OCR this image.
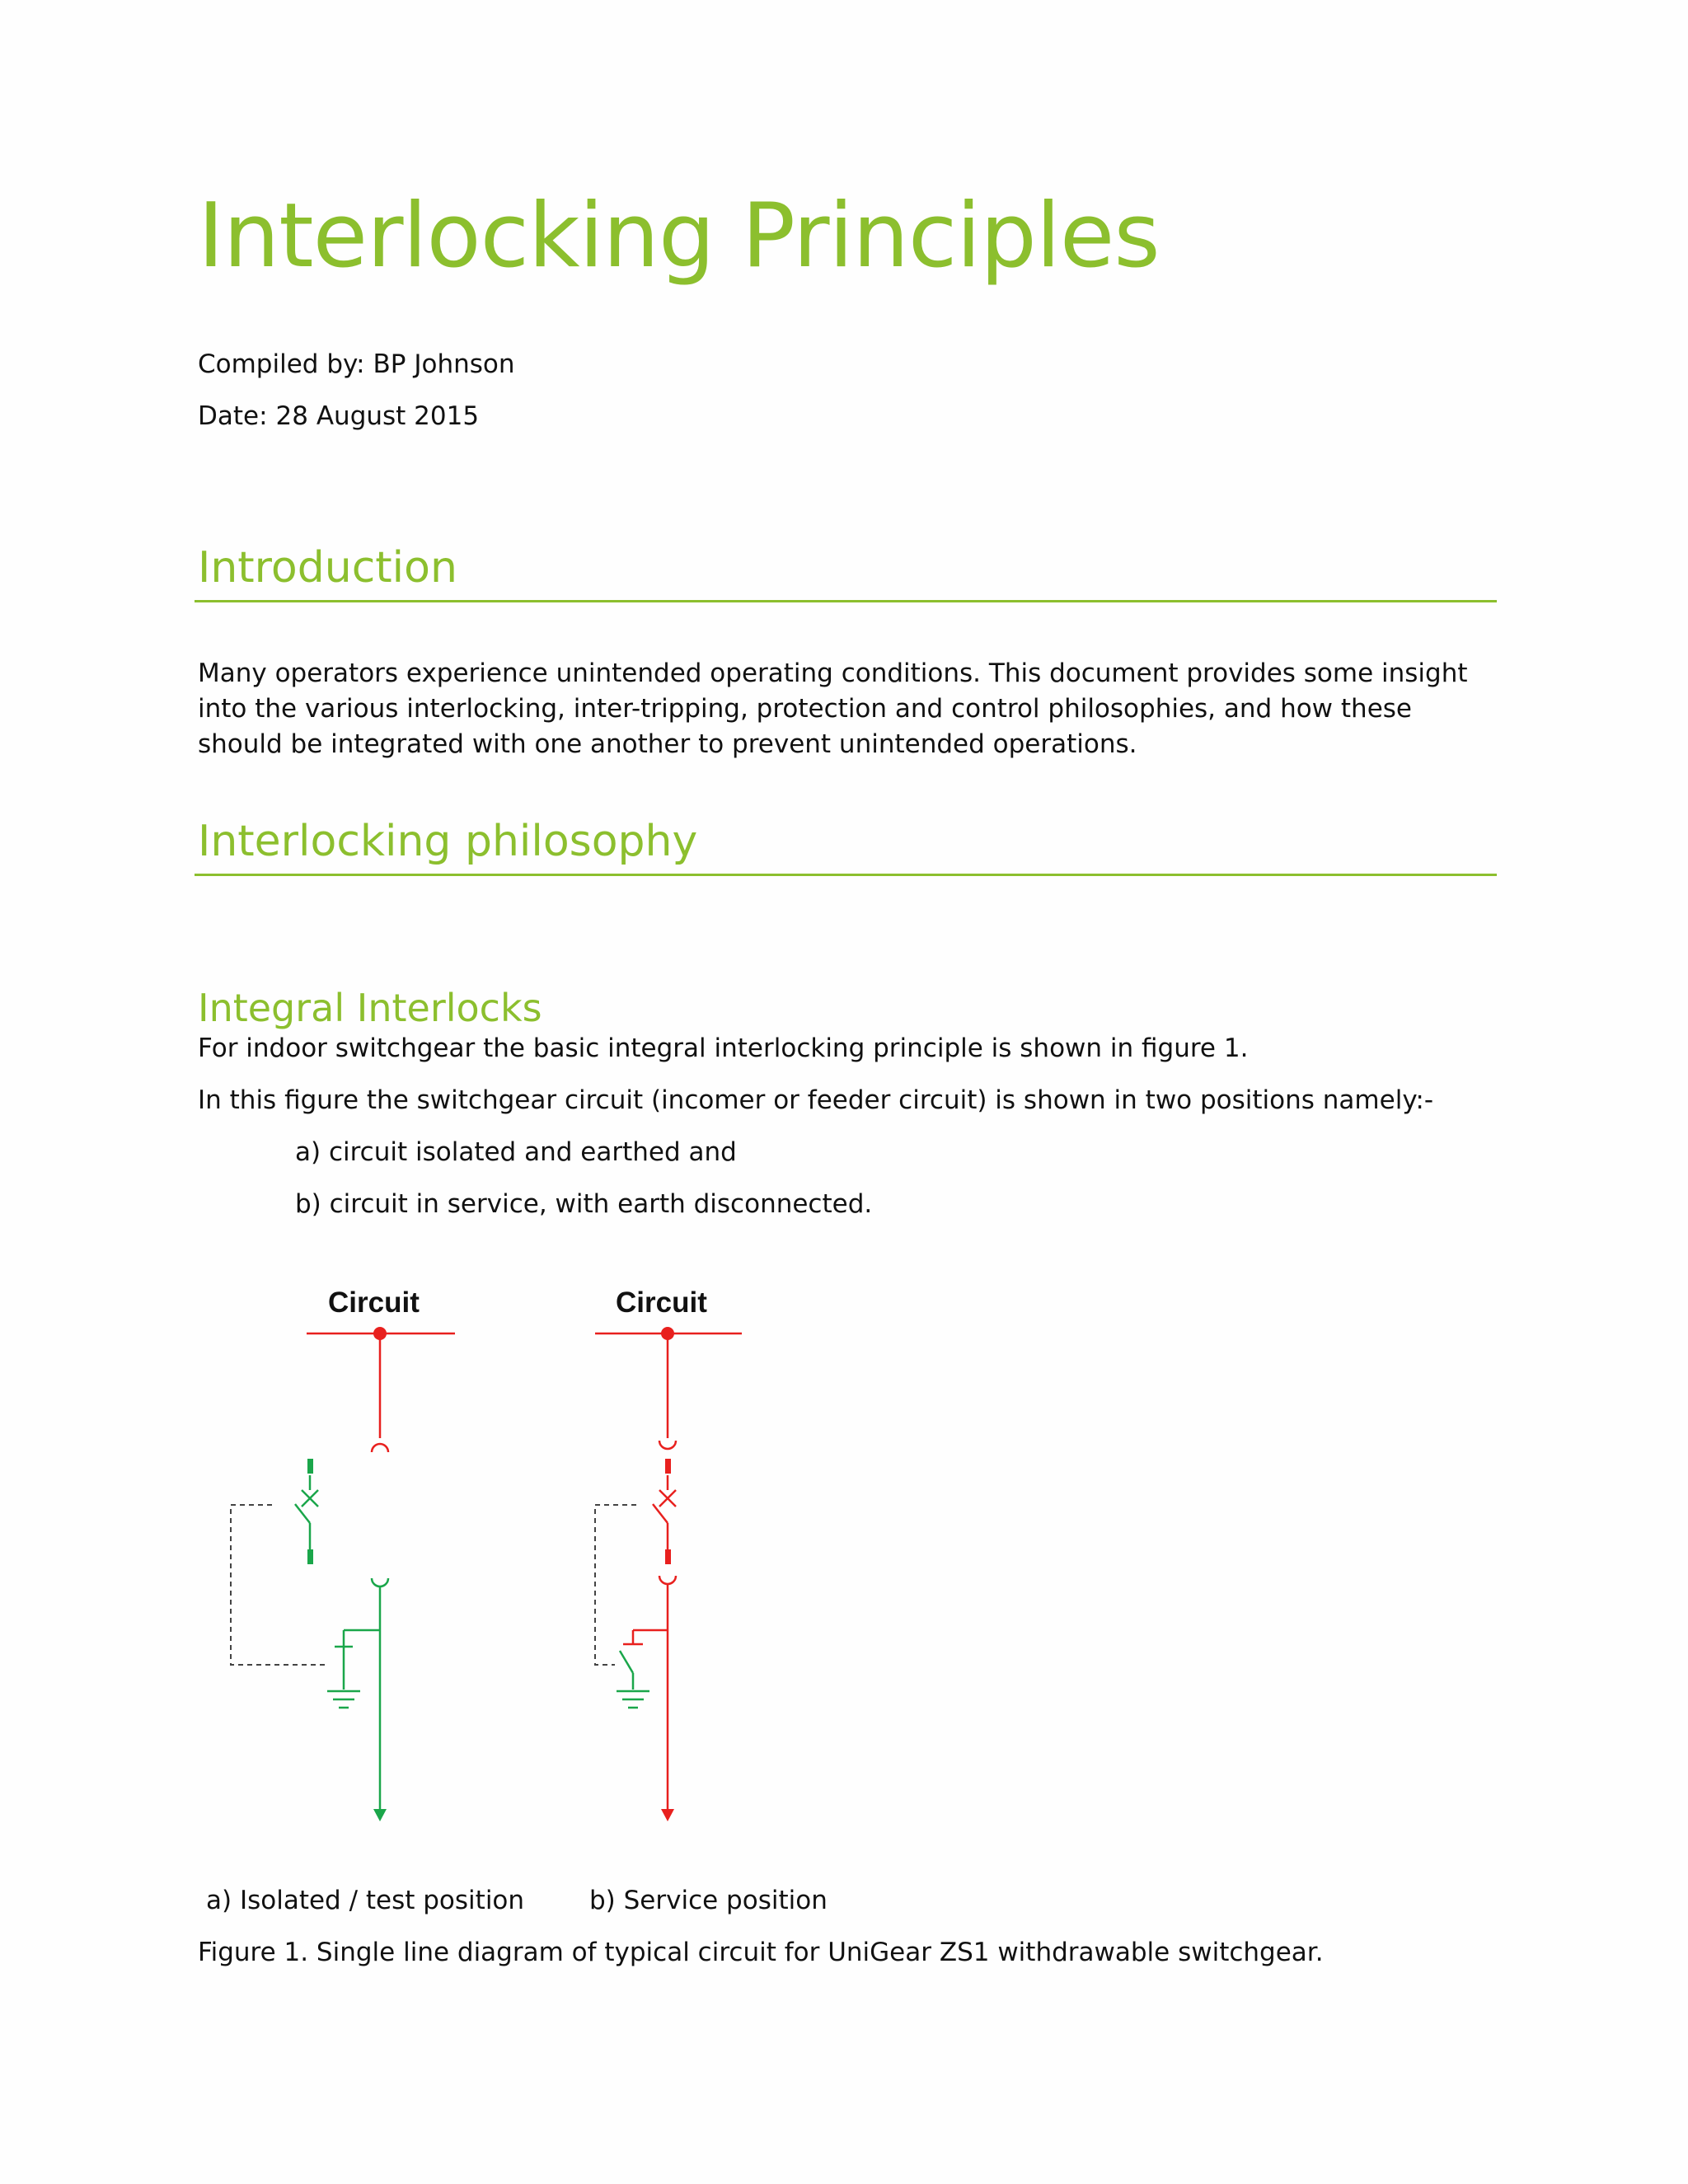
Interlocking Principles
Compiled by: BP Johnson
Date: 28 August 2015
Introduction

Many operators experience unintended operating conditions. This document provides some insight into the various interlocking, inter-tripping, protection and control philosophies, and how these should be integrated with one another to prevent unintended operations.

Interlocking philosophy
Integral Interlocks
For indoor switchgear the basic integral interlocking principle is shown in figure 1.
In this figure the switchgear circuit (incomer or feeder circuit) is shown in two positions namely:-
a) circuit isolated and earthed and
b) circuit in service, with earth disconnected.
Circuit	Circuit
a) Isolated / test position	b) Service position
Figure 1. Single line diagram of typical circuit for UniGear ZS1 withdrawable switchgear.
